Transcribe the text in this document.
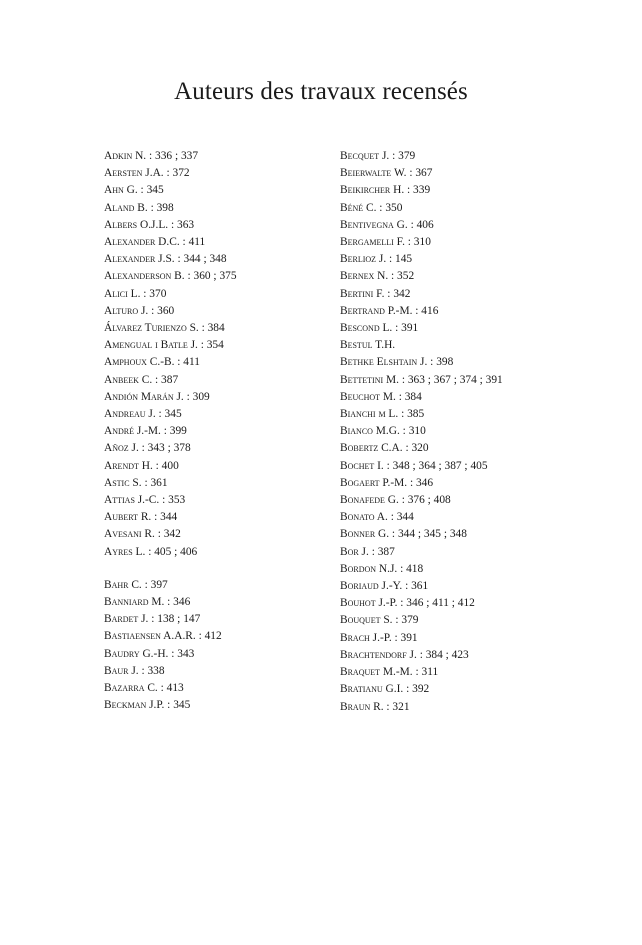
Auteurs des travaux recensés
Adkin N. : 336 ; 337
Aersten J.A. : 372
Ahn G. : 345
Aland B. : 398
Albers O.J.L. : 363
Alexander D.C. : 411
Alexander J.S. : 344 ; 348
Alexanderson B. : 360 ; 375
Alici L. : 370
Alturo J. : 360
Álvarez Turienzo S. : 384
Amengual i Batle J. : 354
Amphoux C.-B. : 411
Anbeek C. : 387
Andión Marán J. : 309
Andreau J. : 345
André J.-M. : 399
Añoz J. : 343 ; 378
Arendt H. : 400
Astic S. : 361
Attias J.-C. : 353
Aubert R. : 344
Avesani R. : 342
Ayres L. : 405 ; 406
Bahr C. : 397
Banniard M. : 346
Bardet J. : 138 ; 147
Bastiaensen A.A.R. : 412
Baudry G.-H. : 343
Baur J. : 338
Bazarra C. : 413
Beckman J.P. : 345
Becquet J. : 379
Beierwalte W. : 367
Beikircher H. : 339
Béné C. : 350
Bentivegna G. : 406
Bergamelli F. : 310
Berlioz J. : 145
Bernex N. : 352
Bertini F. : 342
Bertrand P.-M. : 416
Bescond L. : 391
Bestul T.H.
Bethke Elshtain J. : 398
Bettetini M. : 363 ; 367 ; 374 ; 391
Beuchot M. : 384
Bianchi m L. : 385
Bianco M.G. : 310
Bobertz C.A. : 320
Bochet I. : 348 ; 364 ; 387 ; 405
Bogaert P.-M. : 346
Bonafede G. : 376 ; 408
Bonato A. : 344
Bonner G. : 344 ; 345 ; 348
Bor J. : 387
Bordon N.J. : 418
Boriaud J.-Y. : 361
Bouhot J.-P. : 346 ; 411 ; 412
Bouquet S. : 379
Brach J.-P. : 391
Brachtendorf J. : 384 ; 423
Braquet M.-M. : 311
Bratianu G.I. : 392
Braun R. : 321
